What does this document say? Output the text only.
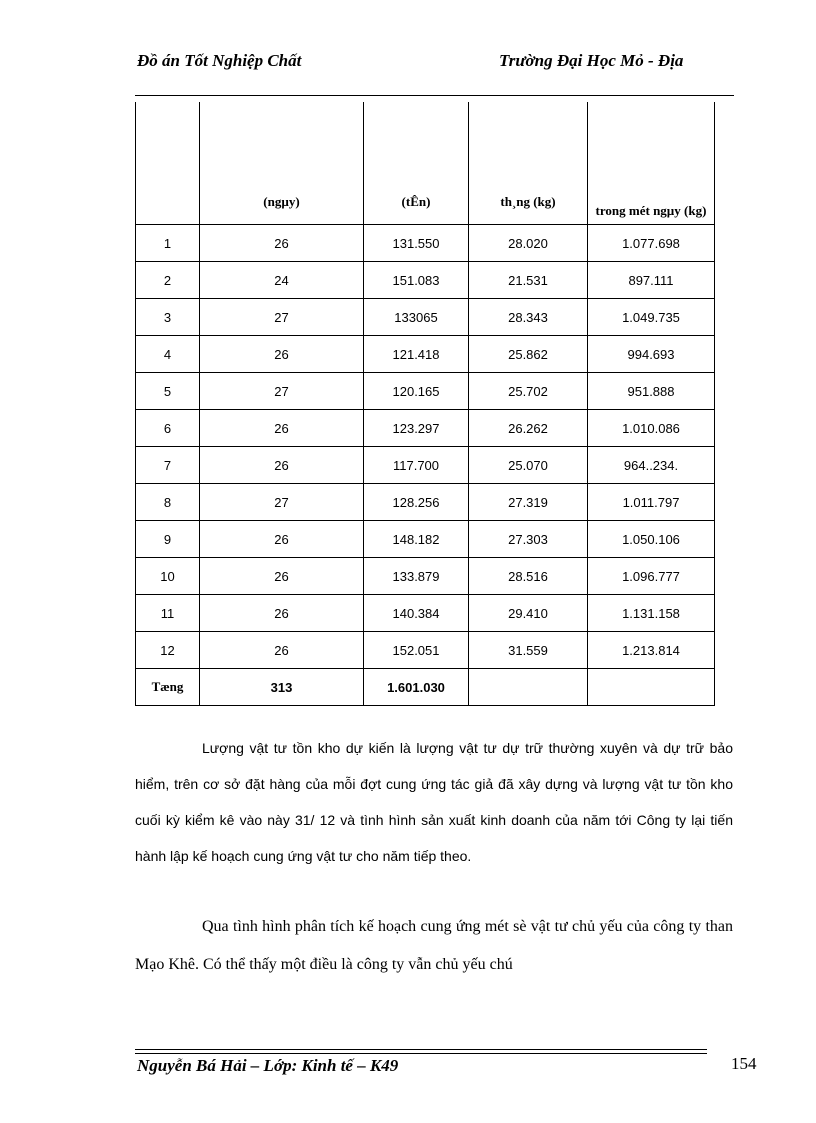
Đồ án Tốt Nghiệp Chất	Trường Đại Học Mỏ - Địa
	(ngµy)	(tÊn)	th¸ng (kg)	trong mét ngµy (kg)
1	26	131.550	28.020	1.077.698
2	24	151.083	21.531	897.111
3	27	133065	28.343	1.049.735
4	26	121.418	25.862	994.693
5	27	120.165	25.702	951.888
6	26	123.297	26.262	1.010.086
7	26	117.700	25.070	964..234.
8	27	128.256	27.319	1.011.797
9	26	148.182	27.303	1.050.106
10	26	133.879	28.516	1.096.777
11	26	140.384	29.410	1.131.158
12	26	152.051	31.559	1.213.814
Tæng	313	1.601.030		

Lượng vật tư tồn kho dự kiến là lượng vật tư dự trữ thường xuyên và dự trữ bảo hiểm, trên cơ sở đặt hàng của mỗi đợt cung ứng tác giả đã xây dựng và lượng vật tư tồn kho cuối kỳ kiểm kê vào này 31/ 12 và tình hình sản xuất kinh doanh của năm tới Công ty lại tiến hành lập kế hoạch cung ứng vật tư cho năm tiếp theo.

Qua tình hình phân tích kế hoạch cung ứng mét sè vật tư chủ yếu của công ty than Mạo Khê. Có thể thấy một điều là công ty vẫn chủ yếu chú

Nguyễn Bá Hải – Lớp: Kinh tế – K49	154
